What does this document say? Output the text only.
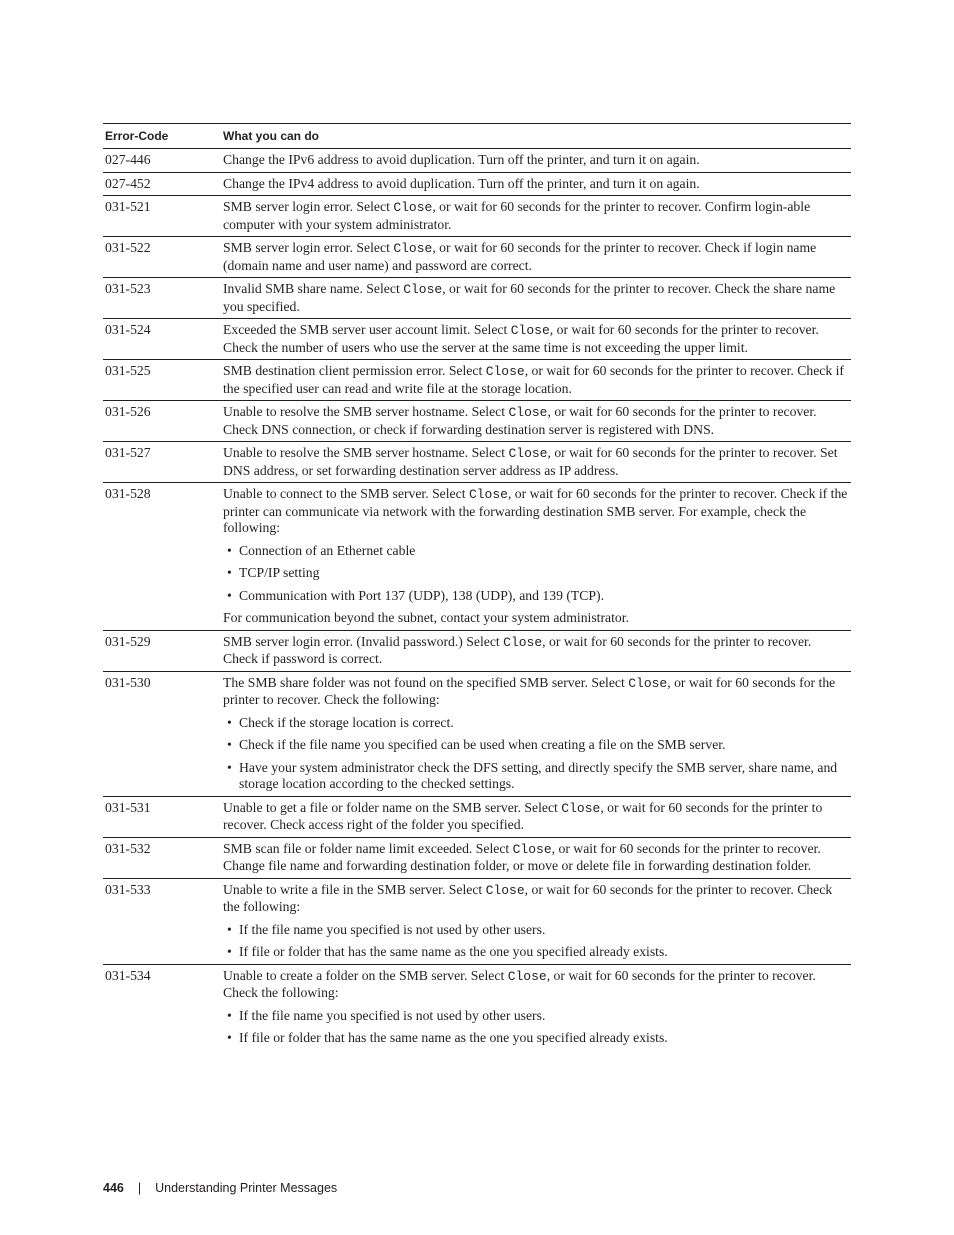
Error-Code	What you can do
027-446	Change the IPv6 address to avoid duplication. Turn off the printer, and turn it on again.
027-452	Change the IPv4 address to avoid duplication. Turn off the printer, and turn it on again.
031-521	SMB server login error. Select Close, or wait for 60 seconds for the printer to recover. Confirm login-able computer with your system administrator.
031-522	SMB server login error. Select Close, or wait for 60 seconds for the printer to recover. Check if login name (domain name and user name) and password are correct.
031-523	Invalid SMB share name. Select Close, or wait for 60 seconds for the printer to recover. Check the share name you specified.
031-524	Exceeded the SMB server user account limit. Select Close, or wait for 60 seconds for the printer to recover. Check the number of users who use the server at the same time is not exceeding the upper limit.
031-525	SMB destination client permission error. Select Close, or wait for 60 seconds for the printer to recover. Check if the specified user can read and write file at the storage location.
031-526	Unable to resolve the SMB server hostname. Select Close, or wait for 60 seconds for the printer to recover. Check DNS connection, or check if forwarding destination server is registered with DNS.
031-527	Unable to resolve the SMB server hostname. Select Close, or wait for 60 seconds for the printer to recover. Set DNS address, or set forwarding destination server address as IP address.
031-528	Unable to connect to the SMB server. Select Close, or wait for 60 seconds for the printer to recover. Check if the printer can communicate via network with the forwarding destination SMB server. For example, check the following:
• Connection of an Ethernet cable
• TCP/IP setting
• Communication with Port 137 (UDP), 138 (UDP), and 139 (TCP).
For communication beyond the subnet, contact your system administrator.
031-529	SMB server login error. (Invalid password.) Select Close, or wait for 60 seconds for the printer to recover. Check if password is correct.
031-530	The SMB share folder was not found on the specified SMB server. Select Close, or wait for 60 seconds for the printer to recover. Check the following:
• Check if the storage location is correct.
• Check if the file name you specified can be used when creating a file on the SMB server.
• Have your system administrator check the DFS setting, and directly specify the SMB server, share name, and storage location according to the checked settings.
031-531	Unable to get a file or folder name on the SMB server. Select Close, or wait for 60 seconds for the printer to recover. Check access right of the folder you specified.
031-532	SMB scan file or folder name limit exceeded. Select Close, or wait for 60 seconds for the printer to recover. Change file name and forwarding destination folder, or move or delete file in forwarding destination folder.
031-533	Unable to write a file in the SMB server. Select Close, or wait for 60 seconds for the printer to recover. Check the following:
• If the file name you specified is not used by other users.
• If file or folder that has the same name as the one you specified already exists.
031-534	Unable to create a folder on the SMB server. Select Close, or wait for 60 seconds for the printer to recover. Check the following:
• If the file name you specified is not used by other users.
• If file or folder that has the same name as the one you specified already exists.
446 | Understanding Printer Messages
